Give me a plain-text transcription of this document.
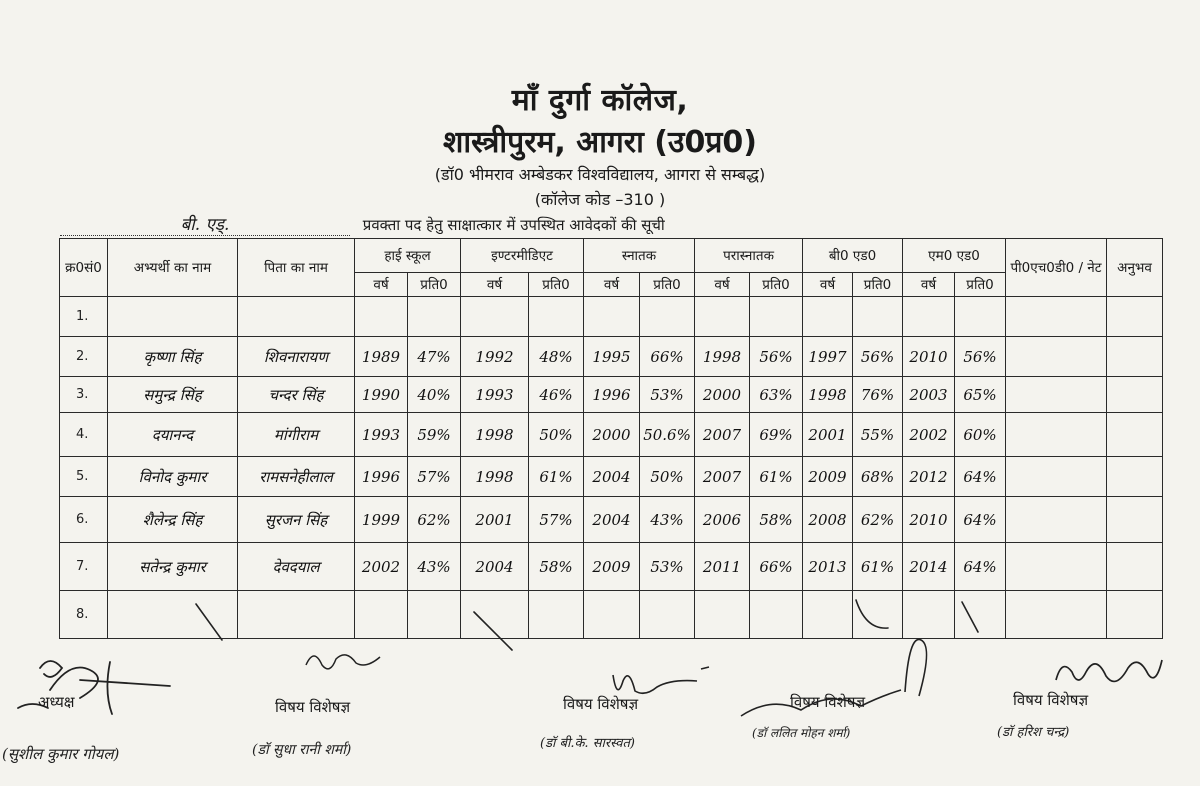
माँ दुर्गा कॉलेज,
शास्त्रीपुरम, आगरा (उ0प्र0)
(डॉ0 भीमराव अम्बेडकर विश्वविद्यालय, आगरा से सम्बद्ध)
(कॉलेज कोड –310 )
बी. एड्.	प्रवक्ता पद हेतु साक्षात्कार में उपस्थित आवेदकों की सूची
क्र0सं0	अभ्यर्थी का नाम	पिता का नाम	हाई स्कूल		इण्टरमीडिएट		स्नातक		परास्नातक		बी0 एड0		एम0 एड0		पी0एच0डी0 / नेट	अनुभव
			वर्ष	प्रति0	वर्ष	प्रति0	वर्ष	प्रति0	वर्ष	प्रति0	वर्ष	प्रति0	वर्ष	प्रति0		
1.																
2.	कृष्णा सिंह	शिवनारायण	1989	47%	1992	48%	1995	66%	1998	56%	1997	56%	2010	56%		
3.	समुन्द्र सिंह	चन्दर सिंह	1990	40%	1993	46%	1996	53%	2000	63%	1998	76%	2003	65%		
4.	दयानन्द	मांगीराम	1993	59%	1998	50%	2000	50.6%	2007	69%	2001	55%	2002	60%		
5.	विनोद कुमार	रामसनेहीलाल	1996	57%	1998	61%	2004	50%	2007	61%	2009	68%	2012	64%		
6.	शैलेन्द्र सिंह	सुरजन सिंह	1999	62%	2001	57%	2004	43%	2006	58%	2008	62%	2010	64%		
7.	सतेन्द्र कुमार	देवदयाल	2002	43%	2004	58%	2009	53%	2011	66%	2013	61%	2014	64%		
8.																
अध्यक्ष
(सुशील कुमार गोयल)
विषय विशेषज्ञ
(डॉ सुधा रानी शर्मा)
विषय विशेषज्ञ
(डॉ बी.के. सारस्वत)
विषय विशेषज्ञ
(डॉ ललित मोहन शर्मा)
विषय विशेषज्ञ
(डॉ हरिश चन्द्र)
